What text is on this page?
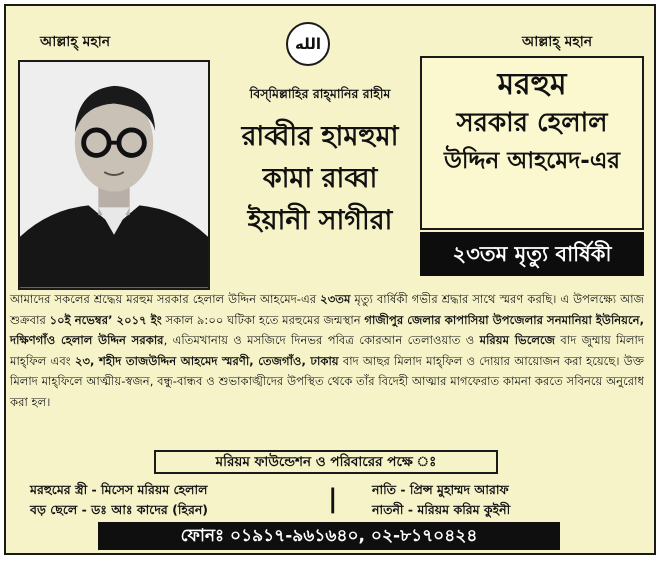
আল্লাহ্ মহান	আল্লাহ্ মহান
الله
বিস্‌মিল্লাহির রাহ্‌মানির রাহীম
রাব্বীর হামহুমা
কামা রাব্বা
ইয়ানী সাগীরা
মরহুম
সরকার হেলাল
উদ্দিন আহমেদ-এর
২৩তম মৃত্যু বার্ষিকী
আমাদের সকলের শ্রদ্ধেয় মরহুম সরকার হেলাল উদ্দিন আহমেদ-এর ২৩তম মৃত্যু বার্ষিকী গভীর শ্রদ্ধার সাথে স্মরণ করছি। এ উপলক্ষ্যে আজ শুক্রবার ১০ই নভেম্বর’ ২০১৭ ইং সকাল ৯:০০ ঘটিকা হতে মরহুমের জন্মস্থান গাজীপুর জেলার কাপাসিয়া উপজেলার সনমানিয়া ইউনিয়নে, দক্ষিণগাঁও হেলাল উদ্দিন সরকার, এতিমখানায় ও মসজিদে দিনভর পবিত্র কোরআন তেলাওয়াত ও মরিয়ম ভিলেজে বাদ জুম্মায় মিলাদ মাহ্‌ফিল এবং ২৩, শহীদ তাজউদ্দিন আহমেদ স্মরণী, তেজগাঁও, ঢাকায় বাদ আছর মিলাদ মাহ্‌ফিল ও দোয়ার আয়োজন করা হয়েছে। উক্ত মিলাদ মাহ্‌ফিলে আত্মীয়-স্বজন, বন্ধু-বান্ধব ও শুভাকাঙ্খীদের উপস্থিত থেকে তাঁর বিদেহী আত্মার মাগফেরাত কামনা করতে সবিনয়ে অনুরোধ করা হল।
মরিয়ম ফাউন্ডেশন ও পরিবারের পক্ষে ঃ
মরহুমের স্ত্রী - মিসেস মরিয়ম হেলাল
বড় ছেলে - ডঃ আঃ কাদের (হিরন)	|	নাতি - প্রিন্স মুহাম্মদ আরাফ
নাতনী - মরিয়ম করিম কুইনী
ফোনঃ ০১৯১৭-৯৬১৬৪০, ০২-৮১৭০৪২৪
